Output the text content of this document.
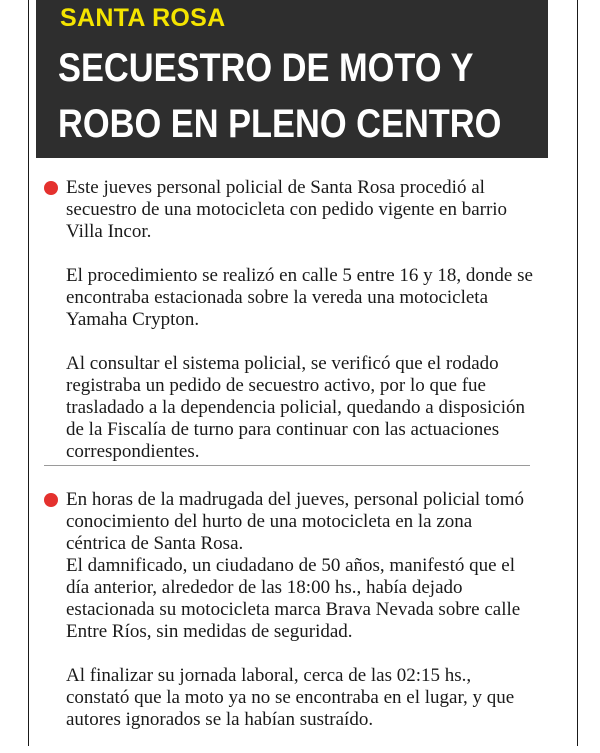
SANTA ROSA
SECUESTRO DE MOTO Y
ROBO EN PLENO CENTRO

Este jueves personal policial de Santa Rosa procedió al secuestro de una motocicleta con pedido vigente en barrio Villa Incor.

El procedimiento se realizó en calle 5 entre 16 y 18, donde se encontraba estacionada sobre la vereda una motocicleta Yamaha Crypton.

Al consultar el sistema policial, se verificó que el rodado registraba un pedido de secuestro activo, por lo que fue trasladado a la dependencia policial, quedando a disposición de la Fiscalía de turno para continuar con las actuaciones correspondientes.

En horas de la madrugada del jueves, personal policial tomó conocimiento del hurto de una motocicleta en la zona céntrica de Santa Rosa.

El damnificado, un ciudadano de 50 años, manifestó que el día anterior, alrededor de las 18:00 hs., había dejado estacionada su motocicleta marca Brava Nevada sobre calle Entre Ríos, sin medidas de seguridad.

Al finalizar su jornada laboral, cerca de las 02:15 hs., constató que la moto ya no se encontraba en el lugar, y que autores ignorados se la habían sustraído.
